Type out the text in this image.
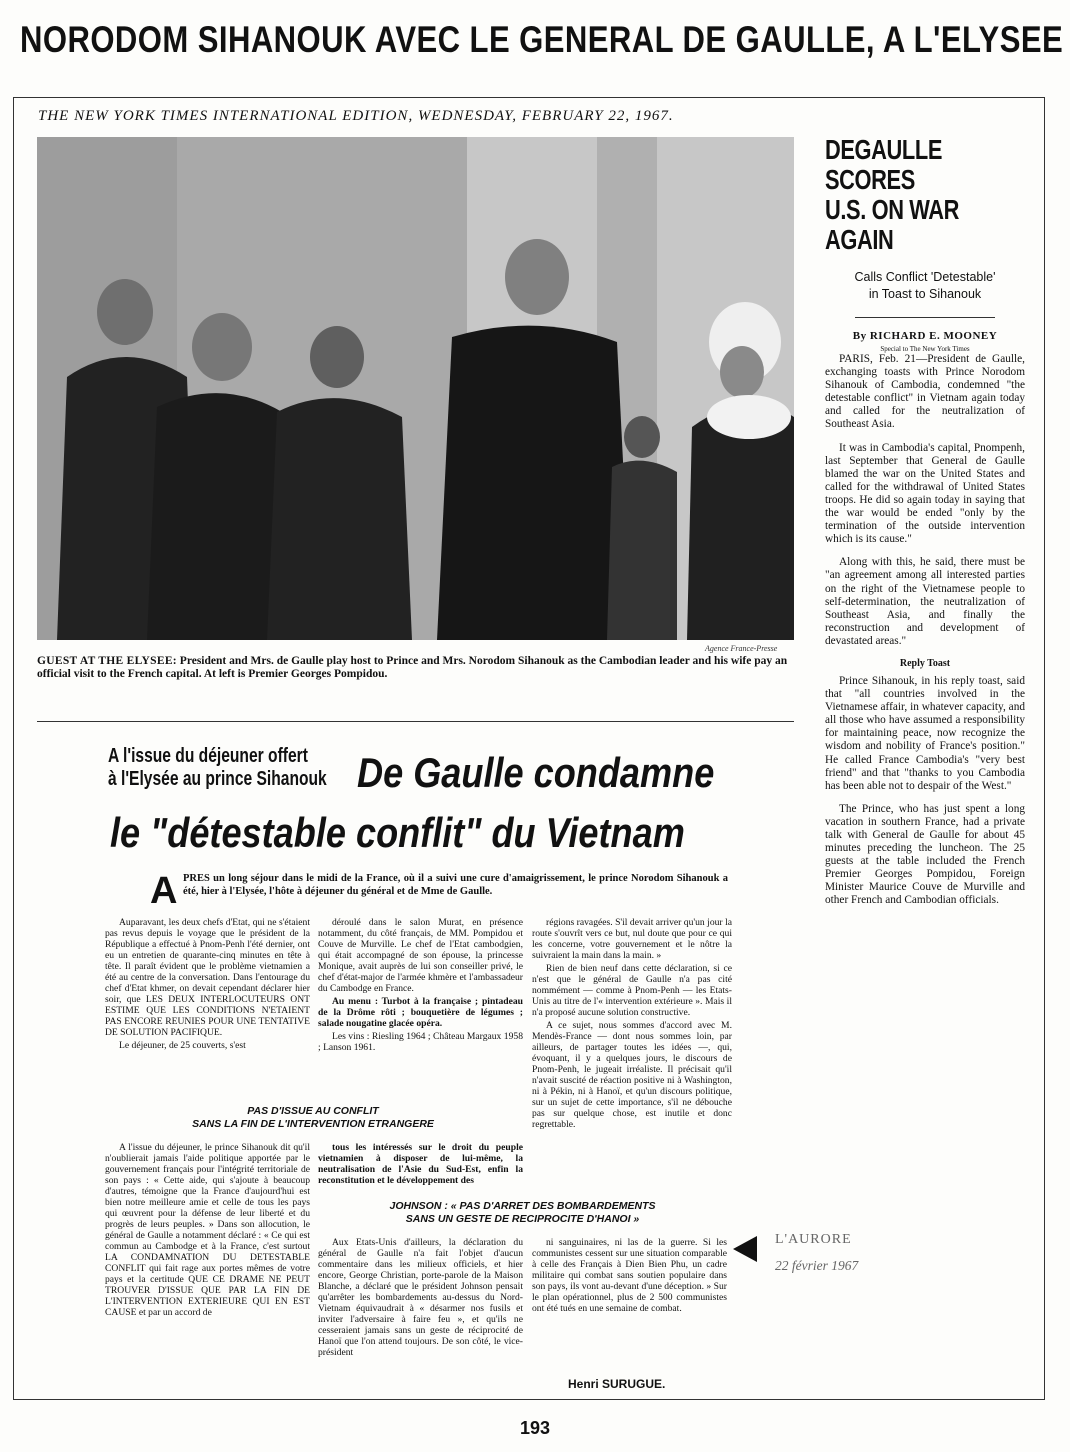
NORODOM SIHANOUK AVEC LE GENERAL DE GAULLE, A L'ELYSEE
THE NEW YORK TIMES INTERNATIONAL EDITION, WEDNESDAY, FEBRUARY 22, 1967.
Agence France-Presse
GUEST AT THE ELYSEE: President and Mrs. de Gaulle play host to Prince and Mrs. Norodom Sihanouk as the Cambodian leader and his wife pay an official visit to the French capital. At left is Premier Georges Pompidou.
DEGAULLE SCORES
U.S. ON WAR AGAIN
Calls Conflict 'Detestable'
in Toast to Sihanouk
By RICHARD E. MOONEY
Special to The New York Times

PARIS, Feb. 21—President de Gaulle, exchanging toasts with Prince Norodom Sihanouk of Cambodia, condemned "the detestable conflict" in Vietnam again today and called for the neutralization of Southeast Asia.

It was in Cambodia's capital, Pnompenh, last September that General de Gaulle blamed the war on the United States and called for the withdrawal of United States troops. He did so again today in saying that the war would be ended "only by the termination of the outside intervention which is its cause."

Along with this, he said, there must be "an agreement among all interested parties on the right of the Vietnamese people to self-determination, the neutralization of Southeast Asia, and finally the reconstruction and development of devastated areas."

Reply Toast

Prince Sihanouk, in his reply toast, said that "all countries involved in the Vietnamese affair, in whatever capacity, and all those who have assumed a responsibility for maintaining peace, now recognize the wisdom and nobility of France's position." He called France Cambodia's "very best friend" and that "thanks to you Cambodia has been able not to despair of the West."

The Prince, who has just spent a long vacation in southern France, had a private talk with General de Gaulle for about 45 minutes preceding the luncheon. The 25 guests at the table included the French Premier Georges Pompidou, Foreign Minister Maurice Couve de Murville and other French and Cambodian officials.

A l'issue du déjeuner offert
à l'Elysée au prince Sihanouk De Gaulle condamne
le "détestable conflit" du Vietnam
A PRES un long séjour dans le midi de la France, où il a suivi une cure d'amaigrissement, le prince Norodom Sihanouk a été, hier à l'Elysée, l'hôte à déjeuner du général et de Mme de Gaulle.

Auparavant, les deux chefs d'Etat, qui ne s'étaient pas revus depuis le voyage que le président de la République a effectué à Pnom-Penh l'été dernier, ont eu un entretien de quarante-cinq minutes en tête à tête. Il paraît évident que le problème vietnamien a été au centre de la conversation. Dans l'entourage du chef d'Etat khmer, on devait cependant déclarer hier soir, que LES DEUX INTERLOCUTEURS ONT ESTIME QUE LES CONDITIONS N'ETAIENT PAS ENCORE REUNIES POUR UNE TENTATIVE DE SOLUTION PACIFIQUE.

Le déjeuner, de 25 couverts, s'est

déroulé dans le salon Murat, en présence notamment, du côté français, de MM. Pompidou et Couve de Murville. Le chef de l'Etat cambodgien, qui était accompagné de son épouse, la princesse Monique, avait auprès de lui son conseiller privé, le chef d'état-major de l'armée khmère et l'ambassadeur du Cambodge en France.

Au menu : Turbot à la française ; pintadeau de la Drôme rôti ; bouquetière de légumes ; salade nougatine glacée opéra.

Les vins : Riesling 1964 ; Château Margaux 1958 ; Lanson 1961.

régions ravagées. S'il devait arriver qu'un jour la route s'ouvrît vers ce but, nul doute que pour ce qui les concerne, votre gouvernement et le nôtre la suivraient la main dans la main. »

Rien de bien neuf dans cette déclaration, si ce n'est que le général de Gaulle n'a pas cité nommément — comme à Pnom-Penh — les Etats-Unis au titre de l'« intervention extérieure ». Mais il n'a proposé aucune solution constructive.

A ce sujet, nous sommes d'accord avec M. Mendès-France — dont nous sommes loin, par ailleurs, de partager toutes les idées —, qui, évoquant, il y a quelques jours, le discours de Pnom-Penh, le jugeait irréaliste. Il précisait qu'il n'avait suscité de réaction positive ni à Washington, ni à Pékin, ni à Hanoï, et qu'un discours politique, sur un sujet de cette importance, s'il ne débouche pas sur quelque chose, est inutile et donc regrettable.

PAS D'ISSUE AU CONFLIT
SANS LA FIN DE L'INTERVENTION ETRANGERE

A l'issue du déjeuner, le prince Sihanouk dit qu'il n'oublierait jamais l'aide politique apportée par le gouvernement français pour l'intégrité territoriale de son pays : « Cette aide, qui s'ajoute à beaucoup d'autres, témoigne que la France d'aujourd'hui est bien notre meilleure amie et celle de tous les pays qui œuvrent pour la défense de leur liberté et du progrès de leurs peuples. » Dans son allocution, le général de Gaulle a notamment déclaré : « Ce qui est commun au Cambodge et à la France, c'est surtout LA CONDAMNATION DU DETESTABLE CONFLIT qui fait rage aux portes mêmes de votre pays et la certitude QUE CE DRAME NE PEUT TROUVER D'ISSUE QUE PAR LA FIN DE L'INTERVENTION EXTERIEURE QUI EN EST CAUSE et par un accord de

tous les intéressés sur le droit du peuple vietnamien à disposer de lui-même, la neutralisation de l'Asie du Sud-Est, enfin la reconstitution et le développement des

JOHNSON : « PAS D'ARRET DES BOMBARDEMENTS
SANS UN GESTE DE RECIPROCITE D'HANOI »

Aux Etats-Unis d'ailleurs, la déclaration du général de Gaulle n'a fait l'objet d'aucun commentaire dans les milieux officiels, et hier encore, George Christian, porte-parole de la Maison Blanche, a déclaré que le président Johnson pensait qu'arrêter les bombardements au-dessus du Nord-Vietnam équivaudrait à « désarmer nos fusils et inviter l'adversaire à faire feu », et qu'ils ne cesseraient jamais sans un geste de réciprocité de Hanoï que l'on attend toujours. De son côté, le vice-président

ni sanguinaires, ni las de la guerre. Si les communistes cessent sur une situation comparable à celle des Français à Dien Bien Phu, un cadre militaire qui combat sans soutien populaire dans son pays, ils vont au-devant d'une déception. » Sur le plan opérationnel, plus de 2 500 communistes ont été tués en une semaine de combat.

Henri SURUGUE.
L'AURORE
22 février 1967
193
